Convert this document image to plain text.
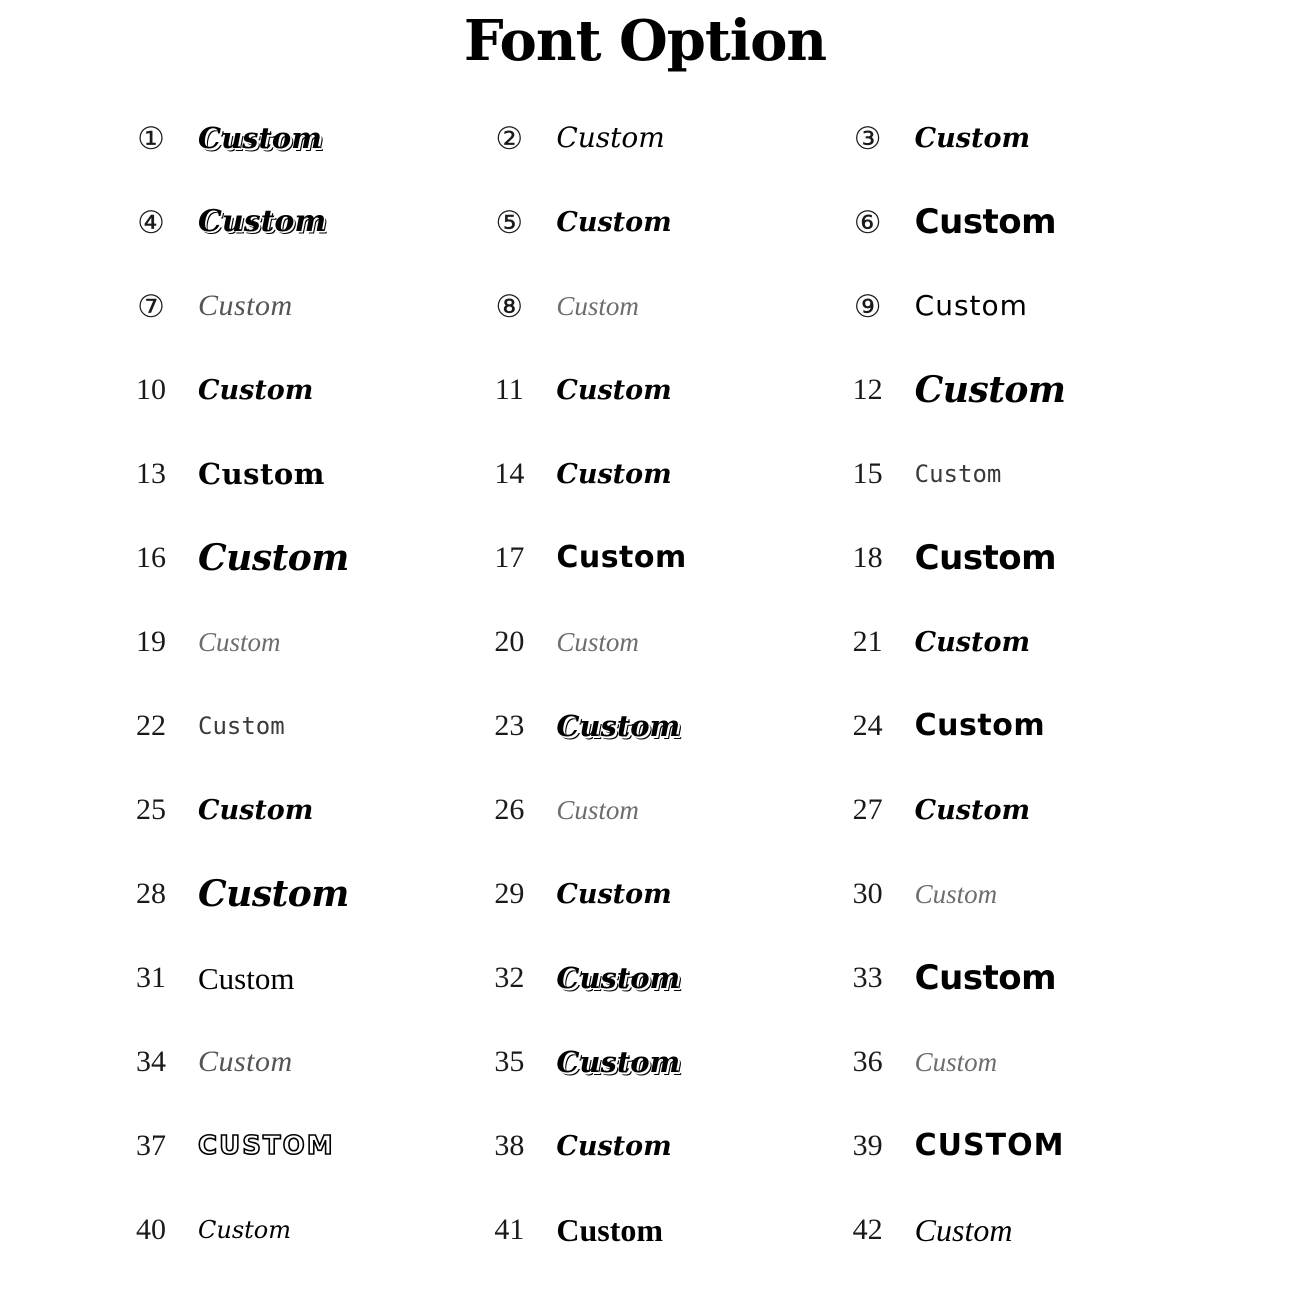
Font Option
①	Custom	②	Custom	③	Custom
④	Custom	⑤	Custom	⑥ Custom
⑦	Custom	⑧	Custom	⑨	Custom
10	Custom	11	Custom	12 Custom
13	Custom	14	Custom	15	Custom
16 Custom	17	Custom	18 Custom
19	Custom	20	Custom	21	Custom
22	Custom	23	Custom	24	Custom
25	Custom	26	Custom	27	Custom
28 Custom	29	Custom	30	Custom
31	Custom	32	Custom	33 Custom
34	Custom	35	Custom	36	Custom
37	CUSTOM	38	Custom	39	CUSTOM
40	Custom	41	Custom	42	Custom
